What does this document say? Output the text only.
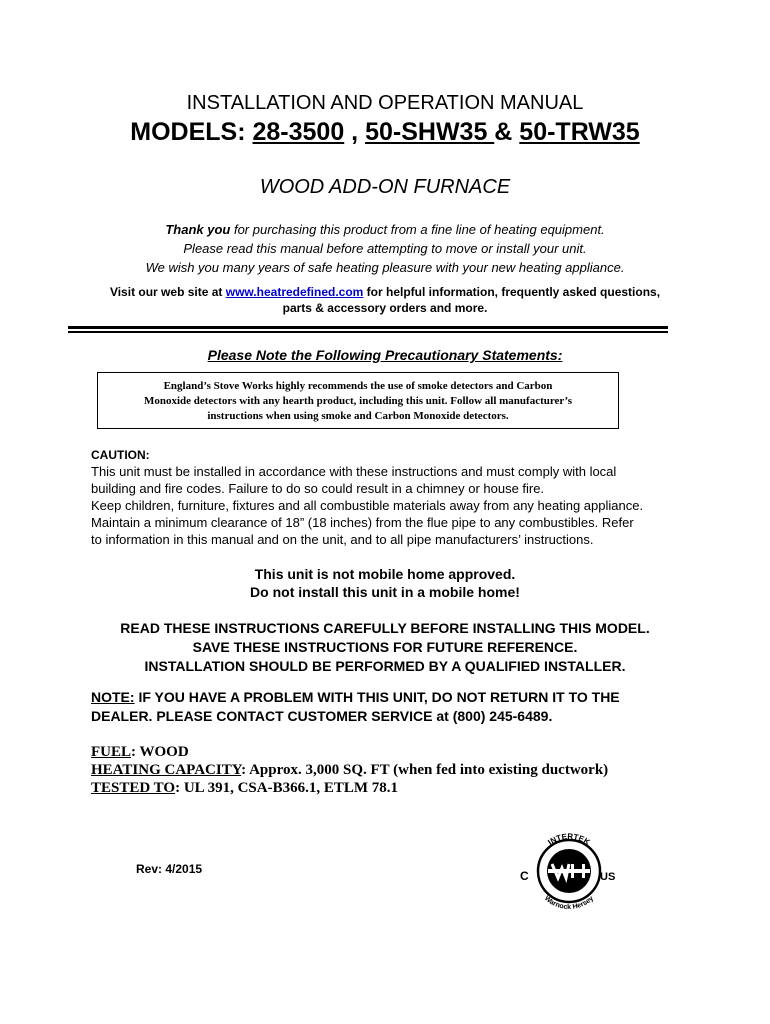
INSTALLATION AND OPERATION MANUAL
MODELS: 28-3500 , 50-SHW35 & 50-TRW35
WOOD ADD-ON FURNACE
Thank you for purchasing this product from a fine line of heating equipment.
Please read this manual before attempting to move or install your unit.
We wish you many years of safe heating pleasure with your new heating appliance.
Visit our web site at www.heatredefined.com for helpful information, frequently asked questions,
parts & accessory orders and more.
Please Note the Following Precautionary Statements:
England’s Stove Works highly recommends the use of smoke detectors and Carbon
Monoxide detectors with any hearth product, including this unit. Follow all manufacturer’s
instructions when using smoke and Carbon Monoxide detectors.
CAUTION:
This unit must be installed in accordance with these instructions and must comply with local
building and fire codes. Failure to do so could result in a chimney or house fire.
Keep children, furniture, fixtures and all combustible materials away from any heating appliance.
Maintain a minimum clearance of 18” (18 inches) from the flue pipe to any combustibles. Refer
to information in this manual and on the unit, and to all pipe manufacturers’ instructions.
This unit is not mobile home approved.
Do not install this unit in a mobile home!
READ THESE INSTRUCTIONS CAREFULLY BEFORE INSTALLING THIS MODEL.
SAVE THESE INSTRUCTIONS FOR FUTURE REFERENCE.
INSTALLATION SHOULD BE PERFORMED BY A QUALIFIED INSTALLER.
NOTE: IF YOU HAVE A PROBLEM WITH THIS UNIT, DO NOT RETURN IT TO THE
DEALER. PLEASE CONTACT CUSTOMER SERVICE at (800) 245-6489.
FUEL: WOOD
HEATING CAPACITY: Approx. 3,000 SQ. FT (when fed into existing ductwork)
TESTED TO: UL 391, CSA-B366.1, ETLM 78.1
Rev: 4/2015
INTERTEK
Warnock Hersey
C	US
